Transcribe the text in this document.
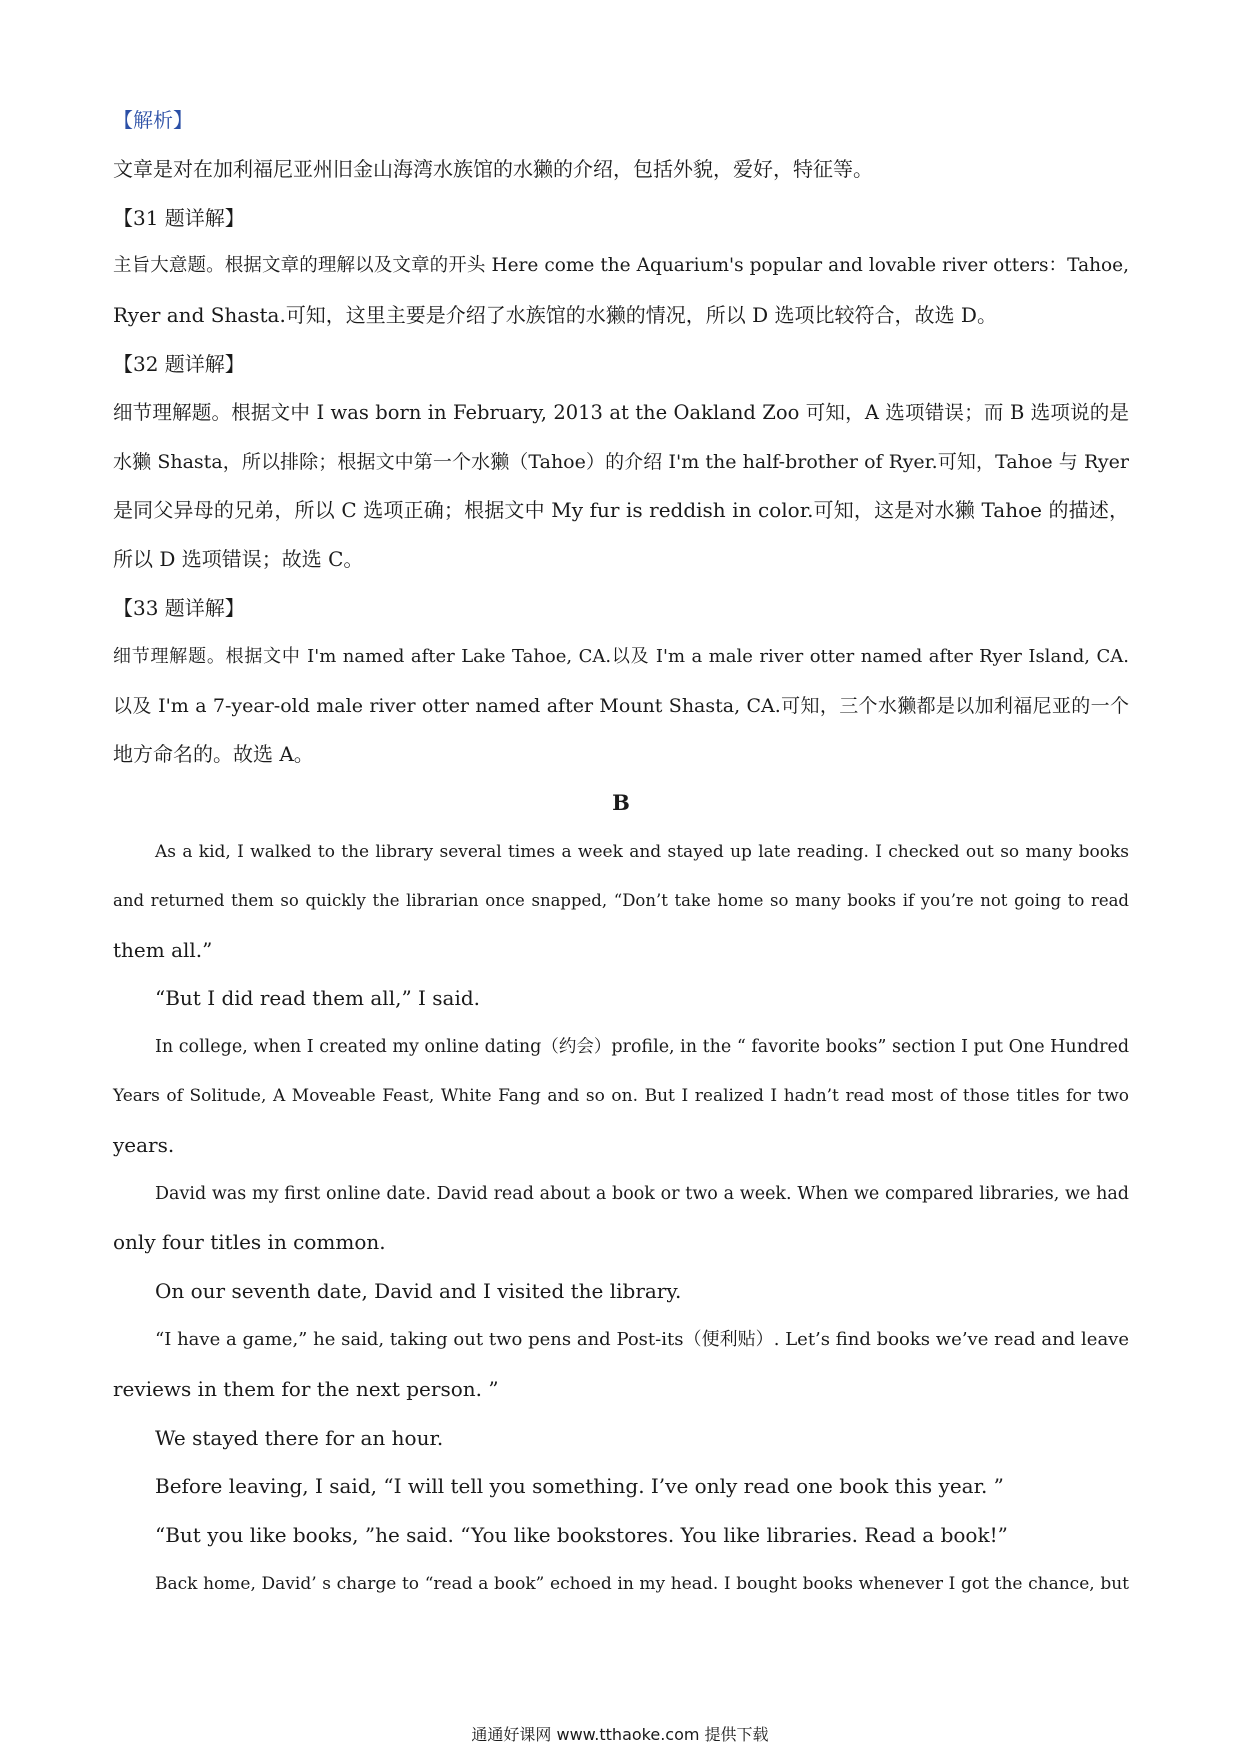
【解析】

文章是对在加利福尼亚州旧金山海湾水族馆的水獭的介绍，包括外貌，爱好，特征等。

【31 题详解】

主旨大意题。根据文章的理解以及文章的开头 Here come the Aquarium's popular and lovable river otters：Tahoe,

Ryer and Shasta.可知，这里主要是介绍了水族馆的水獭的情况，所以 D 选项比较符合，故选 D。

【32 题详解】

细节理解题。根据文中 I was born in February, 2013 at the Oakland Zoo 可知，A 选项错误；而 B 选项说的是

水獭 Shasta，所以排除；根据文中第一个水獭（Tahoe）的介绍 I'm the half-brother of Ryer.可知，Tahoe 与 Ryer

是同父异母的兄弟，所以 C 选项正确；根据文中 My fur is reddish in color.可知，这是对水獭 Tahoe 的描述，

所以 D 选项错误；故选 C。

【33 题详解】

细节理解题。根据文中 I'm named after Lake Tahoe, CA.以及 I'm a male river otter named after Ryer Island, CA.

以及 I'm a 7-year-old male river otter named after Mount Shasta, CA.可知，三个水獭都是以加利福尼亚的一个

地方命名的。故选 A。

B

As a kid, I walked to the library several times a week and stayed up late reading. I checked out so many books

and returned them so quickly the librarian once snapped, “Don’t take home so many books if you’re not going to read

them all.”

“But I did read them all,” I said.

In college, when I created my online dating（约会）profile, in the “ favorite books” section I put One Hundred

Years of Solitude, A Moveable Feast, White Fang and so on. But I realized I hadn’t read most of those titles for two

years.

David was my first online date. David read about a book or two a week. When we compared libraries, we had

only four titles in common.

On our seventh date, David and I visited the library.

“I have a game,” he said, taking out two pens and Post-its（便利贴）. Let’s find books we’ve read and leave

reviews in them for the next person. ”

We stayed there for an hour.

Before leaving, I said, “I will tell you something. I’ve only read one book this year. ”

“But you like books, ”he said. “You like bookstores. You like libraries. Read a book!”

Back home, David’ s charge to “read a book” echoed in my head. I bought books whenever I got the chance, but

通通好课网 www.tthaoke.com 提供下载
